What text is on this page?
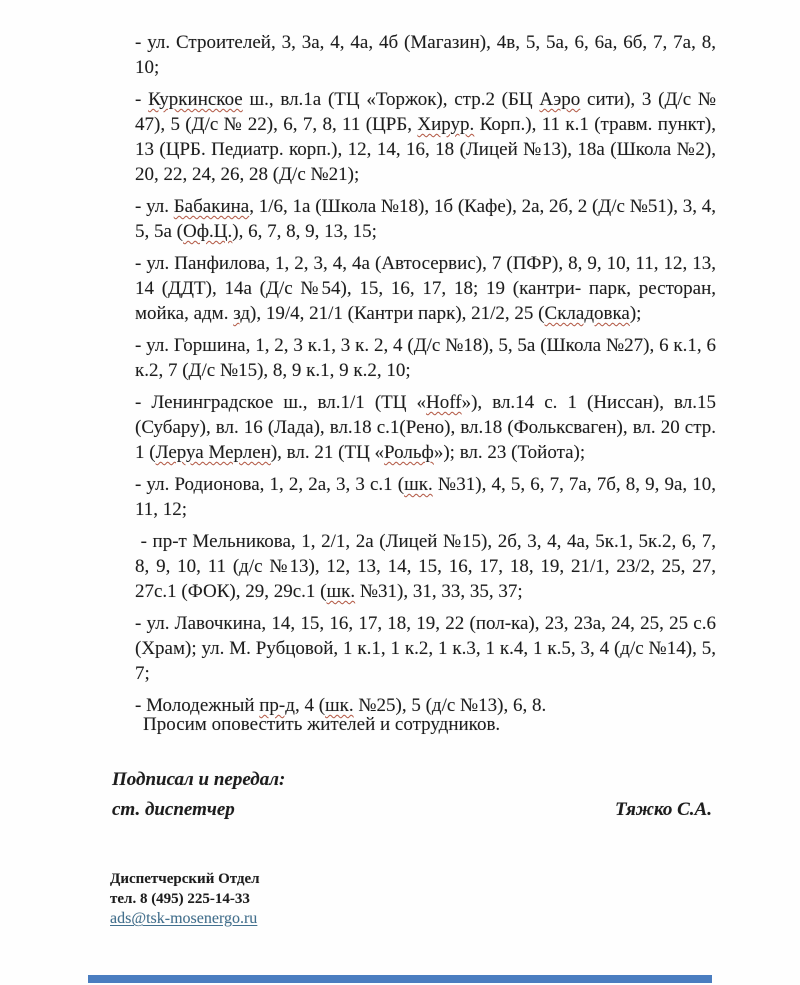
- ул. Строителей, 3, 3а, 4, 4а, 4б (Магазин), 4в, 5, 5а, 6, 6а, 6б, 7, 7а, 8, 10;

- Куркинское ш., вл.1а (ТЦ «Торжок), стр.2 (БЦ Аэро сити), 3 (Д/с № 47), 5 (Д/с № 22), 6, 7, 8, 11 (ЦРБ, Хирур. Корп.), 11 к.1 (травм. пункт), 13 (ЦРБ. Педиатр. корп.), 12, 14, 16, 18 (Лицей №13), 18а (Школа №2), 20, 22, 24, 26, 28 (Д/с №21);

- ул. Бабакина, 1/6, 1а (Школа №18), 1б (Кафе), 2а, 2б, 2 (Д/с №51), 3, 4, 5, 5а (Оф.Ц.), 6, 7, 8, 9, 13, 15;

- ул. Панфилова, 1, 2, 3, 4, 4а (Автосервис), 7 (ПФР), 8, 9, 10, 11, 12, 13, 14 (ДДТ), 14а (Д/с №54), 15, 16, 17, 18; 19 (кантри- парк, ресторан, мойка, адм. зд), 19/4, 21/1 (Кантри парк), 21/2, 25 (Складовка);

- ул. Горшина, 1, 2, 3 к.1, 3 к. 2, 4 (Д/с №18), 5, 5а (Школа №27), 6 к.1, 6 к.2, 7 (Д/с №15), 8, 9 к.1, 9 к.2, 10;

- Ленинградское ш., вл.1/1 (ТЦ «Hoff»), вл.14 с. 1 (Ниссан), вл.15 (Субару), вл. 16 (Лада), вл.18 с.1(Рено), вл.18 (Фольксваген), вл. 20 стр. 1 (Леруа Мерлен), вл. 21 (ТЦ «Рольф»); вл. 23 (Тойота);

- ул. Родионова, 1, 2, 2а, 3, 3 с.1 (шк. №31), 4, 5, 6, 7, 7а, 7б, 8, 9, 9а, 10, 11, 12;

- пр-т Мельникова, 1, 2/1, 2а (Лицей №15), 2б, 3, 4, 4а, 5к.1, 5к.2, 6, 7, 8, 9, 10, 11 (д/с №13), 12, 13, 14, 15, 16, 17, 18, 19, 21/1, 23/2, 25, 27, 27с.1 (ФОК), 29, 29с.1 (шк. №31), 31, 33, 35, 37;

- ул. Лавочкина, 14, 15, 16, 17, 18, 19, 22 (пол-ка), 23, 23а, 24, 25, 25 с.6 (Храм); ул. М. Рубцовой, 1 к.1, 1 к.2, 1 к.3, 1 к.4, 1 к.5, 3, 4 (д/с №14), 5, 7;

- Молодежный пр-д, 4 (шк. №25), 5 (д/с №13), 6, 8.

Просим оповестить жителей и сотрудников.

Подписал и передал:

ст. диспетчер	Тяжко С.А.

Диспетчерский Отдел

тел. 8 (495) 225-14-33

ads@tsk-mosenergo.ru
